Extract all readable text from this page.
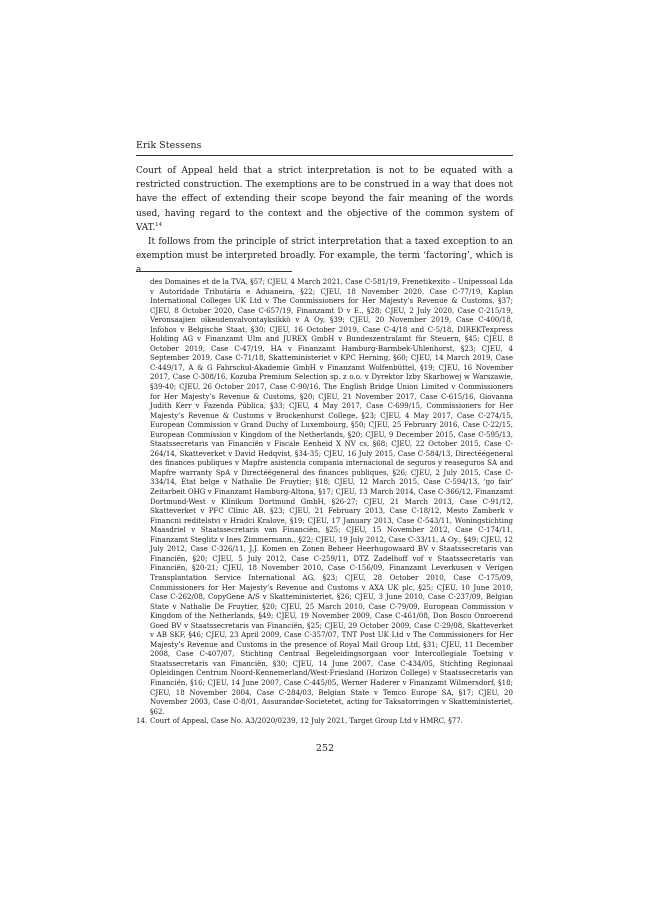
Erik Stessens

Court of Appeal held that a strict interpretation is not to be equated with a restricted construction. The exemptions are to be construed in a way that does not have the effect of extending their scope beyond the fair meaning of the words used, having regard to the context and the objective of the common system of VAT.$^{14}$

It follows from the principle of strict interpretation that a taxed exception to an exemption must be interpreted broadly. For example, the term ‘factoring’, which is a

des Domaines et de la TVA, §57; CJEU, 4 March 2021, Case C-581/19, Frenetikexito – Unipessoal Lda v Autoridade Tributária e Aduaneira, §22; CJEU, 18 November 2020, Case C-77/19, Kaplan International Colleges UK Ltd v The Commissioners for Her Majesty’s Revenue & Customs, §37; CJEU, 8 October 2020, Case C-657/19, Finanzamt D v E., §28; CJEU, 2 July 2020, Case C-215/19, Veronsaajien oikeudenvalvontayksikkö v A Oy, §39; CJEU, 20 November 2019, Case C-400/18, Infohos v Belgische Staat, §30; CJEU, 16 October 2019, Case C-4/18 and C-5/18, DIREKTexpress Holding AG v Finanzamt Ulm and JUREX GmbH v Bundeszentralamt für Steuern, §45; CJEU, 8 October 2019, Case C-47/19, HA v Finanzamt Hamburg-Barmbek-Uhlenhorst, §23; CJEU, 4 September 2019, Case C-71/18, Skatteministeriet v KPC Herning, §60; CJEU, 14 March 2019, Case C-449/17, A & G Fahrschul-Akademie GmbH v Finanzamt Wolfenbüttel, §19; CJEU, 16 November 2017, Case C-308/16, Kozuba Premium Selection sp. z o.o. v Dyrektor Izby Skarbowej w Warszawie, §39-40; CJEU, 26 October 2017, Case C-90/16, The English Bridge Union Limited v Commissioners for Her Majesty’s Revenue & Customs, §20; CJEU, 21 November 2017, Case C-615/16, Giovanna Judith Kerr v Fazenda Pública, §33; CJEU, 4 May 2017, Case C-699/15, Commissioners for Her Majesty’s Revenue & Customs v Brockenhurst College, §23; CJEU, 4 May 2017, Case C-274/15, European Commission v Grand Duchy of Luxembourg, §50; CJEU, 25 February 2016, Case C-22/15, European Commission v Kingdom of the Netherlands, §20; CJEU, 9 December 2015, Case C-595/13, Staatssecretaris van Financiën v Fiscale Eenheid X NV cs, §68; CJEU, 22 October 2015, Case C-264/14, Skatteverket v David Hedqvist, §34-35; CJEU, 16 July 2015, Case C-584/13, Directéégeneral des finances publiques v Mapfre asistencia compania internacional de seguros y reaseguros SA and Mapfre warranty SpA v Directéégeneral des finances publiques, §26; CJEU, 2 July 2015, Case C-334/14, État belge v Nathalie De Fruytier; §18; CJEU, 12 March 2015, Case C-594/13, ‘go fair’ Zeitarbeit OHG v Finanzamt Hamburg-Altona, §17; CJEU, 13 March 2014, Case C-366/12, Finanzamt Dortmund-West v Klinikum Dortmund GmbH, §26-27; CJEU, 21 March 2013, Case C-91/12, Skatteverket v PFC Clinic AB, §23; CJEU, 21 February 2013, Case C-18/12, Mesto Zamberk v Financni reditelstvi v Hradci Kralove, §19; CJEU, 17 January 2013, Case C-543/11, Woningstichting Maasdriel v Staatssecretaris van Financiën, §25; CJEU, 15 November 2012, Case C-174/11, Finanzamt Steglitz v Ines Zimmermann., §22; CJEU, 19 July 2012, Case C-33/11, A Oy., §49; CJEU, 12 July 2012, Case C-326/11, J.J. Komen en Zonen Beheer Heerhugowaard BV v Staatssecretaris van Financiën, §20; CJEU, 5 July 2012, Case C-259/11, DTZ Zadelhoff vof v Staatssecretaris van Financiën, §20-21; CJEU, 18 November 2010, Case C-156/09, Finanzamt Leverkusen v Verigen Transplantation Service International AG, §23; CJEU, 28 October 2010, Case C-175/09, Commissioners for Her Majesty’s Revenue and Customs v AXA UK plc, §25; CJEU, 10 June 2010, Case C-262/08, CopyGene A/S v Skatteministeriet, §26; CJEU, 3 June 2010, Case C-237/09, Belgian State v Nathalie De Fruytier, §20; CJEU, 25 March 2010, Case C-79/09, European Commission v Kingdom of the Netherlands, §49; CJEU, 19 November 2009, Case C-461/08, Don Bosco Onroerend Goed BV v Staatssecretaris van Financiën, §25; CJEU, 29 October 2009, Case C-29/08, Skatteverket v AB SKF, §46; CJEU, 23 April 2009, Case C-357/07, TNT Post UK Ltd v The Commissioners for Her Majesty’s Revenue and Customs in the presence of Royal Mail Group Ltd, §31; CJEU, 11 December 2008, Case C-407/07, Stichting Centraal Begeleidingsorgaan voor Intercollegiale Toetsing v Staatssecretaris van Financiën, §30; CJEU, 14 June 2007, Case C-434/05, Stichting Regionaal Opleidingen Centrum Noord-Kennemerland/West-Friesland (Horizon College) v Staatssecretaris van Financiën, §16; CJEU, 14 June 2007, Case C-445/05, Werner Haderer v Finanzamt Wilmersdorf, §18; CJEU, 18 November 2004, Case C-284/03, Belgian State v Temco Europe SA, §17; CJEU, 20 November 2003, Case C-8/01, Assurandør-Societetet, acting for Taksatorringen v Skatteministeriet, §62.
14. Court of Appeal, Case No. A3/2020/0239, 12 July 2021, Target Group Ltd v HMRC, §77.
252
